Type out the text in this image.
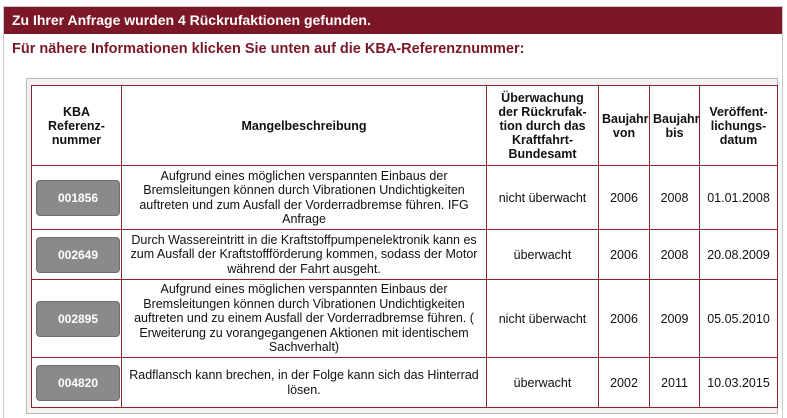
Zu Ihrer Anfrage wurden 4 Rückrufaktionen gefunden.
Für nähere Informationen klicken Sie unten auf die KBA-Referenznummer:
KBA Referenz-nummer	Mangelbeschreibung	Überwachung der Rückrufak-tion durch das Kraftfahrt-Bundesamt	Baujahr von	Baujahr bis	Veröffent-lichungs-datum

001856	Aufgrund eines möglichen verspannten Einbaus der Bremsleitungen können durch Vibrationen Undichtigkeiten auftreten und zum Ausfall der Vorderradbremse führen. IFG Anfrage	nicht überwacht	2006	2008	01.01.2008

002649	Durch Wassereintritt in die Kraftstoffpumpenelektronik kann es zum Ausfall der Kraftstoffförderung kommen, sodass der Motor während der Fahrt ausgeht.	überwacht	2006	2008	20.08.2009

002895	Aufgrund eines möglichen verspannten Einbaus der Bremsleitungen können durch Vibrationen Undichtigkeiten auftreten und zu einem Ausfall der Vorderradbremse führen. ( Erweiterung zu vorangegangenen Aktionen mit identischem Sachverhalt)	nicht überwacht	2006	2009	05.05.2010

004820	Radflansch kann brechen, in der Folge kann sich das Hinterrad lösen.	überwacht	2002	2011	10.03.2015
